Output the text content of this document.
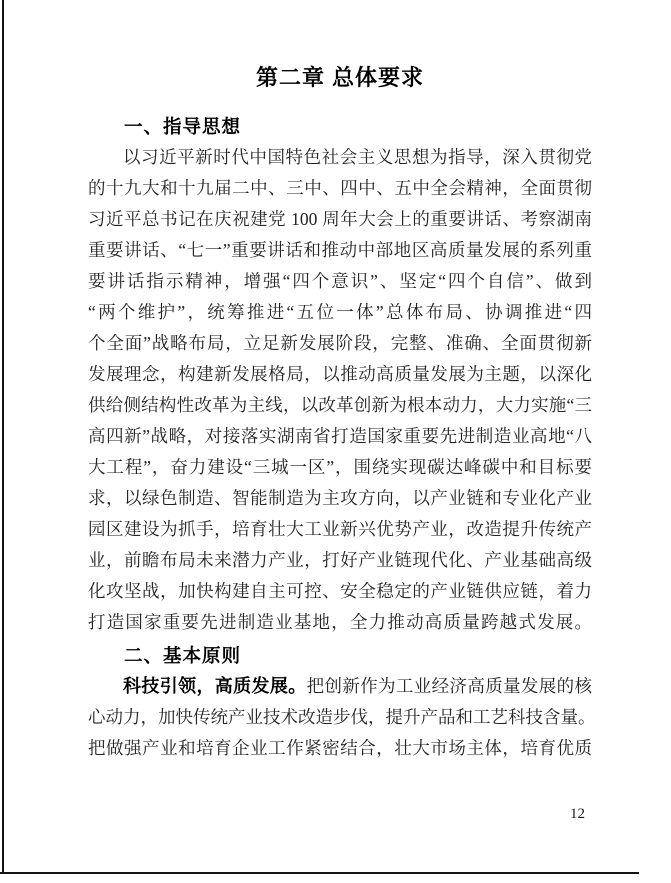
第二章 总体要求
一、指导思想
以习近平新时代中国特色社会主义思想为指导，深入贯彻党
的十九大和十九届二中、三中、四中、五中全会精神，全面贯彻
习近平总书记在庆祝建党 100 周年大会上的重要讲话、考察湖南
重要讲话、“七一”重要讲话和推动中部地区高质量发展的系列重
要讲话指示精神，增强“四个意识”、坚定“四个自信”、做到
“两个维护”，统筹推进“五位一体”总体布局、协调推进“四
个全面”战略布局，立足新发展阶段，完整、准确、全面贯彻新
发展理念，构建新发展格局，以推动高质量发展为主题，以深化
供给侧结构性改革为主线，以改革创新为根本动力，大力实施“三
高四新”战略，对接落实湖南省打造国家重要先进制造业高地“八
大工程”，奋力建设“三城一区”，围绕实现碳达峰碳中和目标要
求，以绿色制造、智能制造为主攻方向，以产业链和专业化产业
园区建设为抓手，培育壮大工业新兴优势产业，改造提升传统产
业，前瞻布局未来潜力产业，打好产业链现代化、产业基础高级
化攻坚战，加快构建自主可控、安全稳定的产业链供应链，着力
打造国家重要先进制造业基地，全力推动高质量跨越式发展。
二、基本原则
科技引领，高质发展。把创新作为工业经济高质量发展的核
心动力，加快传统产业技术改造步伐，提升产品和工艺科技含量。
把做强产业和培育企业工作紧密结合，壮大市场主体，培育优质
12
